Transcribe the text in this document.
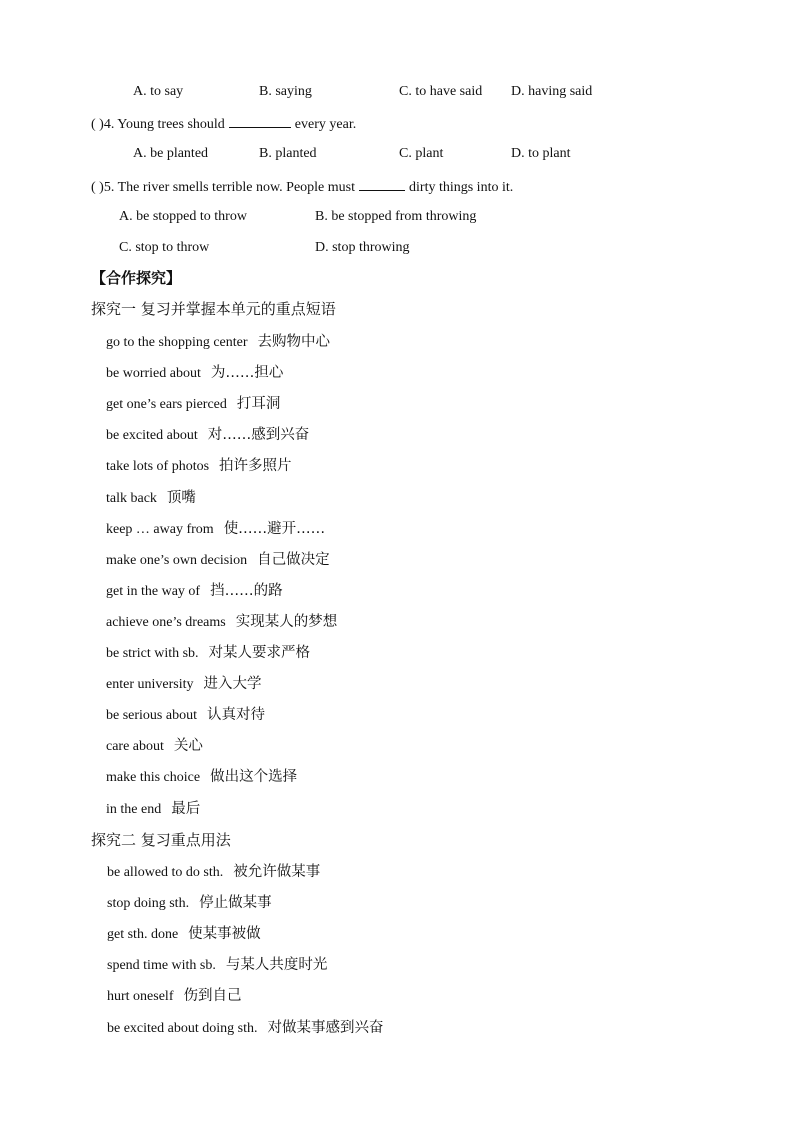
A. to say	B. saying	C. to have said D. having said
( )4. Young trees should	every year.
A. be planted	B. planted	C. plant	D. to plant
( )5. The river smells terrible now. People must	dirty things into it.
A. be stopped to throw	B. be stopped from throwing
C. stop to throw	D. stop throwing
【合作探究】
探究一 复习并掌握本单元的重点短语
go to the shopping center 去购物中心
be worried about 为……担心
get one’s ears pierced 打耳洞
be excited about 对……感到兴奋
take lots of photos 拍许多照片
talk back 顶嘴
keep … away from 使……避开……
make one’s own decision 自己做决定
get in the way of 挡……的路
achieve one’s dreams 实现某人的梦想
be strict with sb. 对某人要求严格
enter university 进入大学
be serious about 认真对待
care about 关心
make this choice 做出这个选择
in the end 最后
探究二 复习重点用法
be allowed to do sth. 被允许做某事
stop doing sth. 停止做某事
get sth. done 使某事被做
spend time with sb. 与某人共度时光
hurt oneself 伤到自己
be excited about doing sth. 对做某事感到兴奋
